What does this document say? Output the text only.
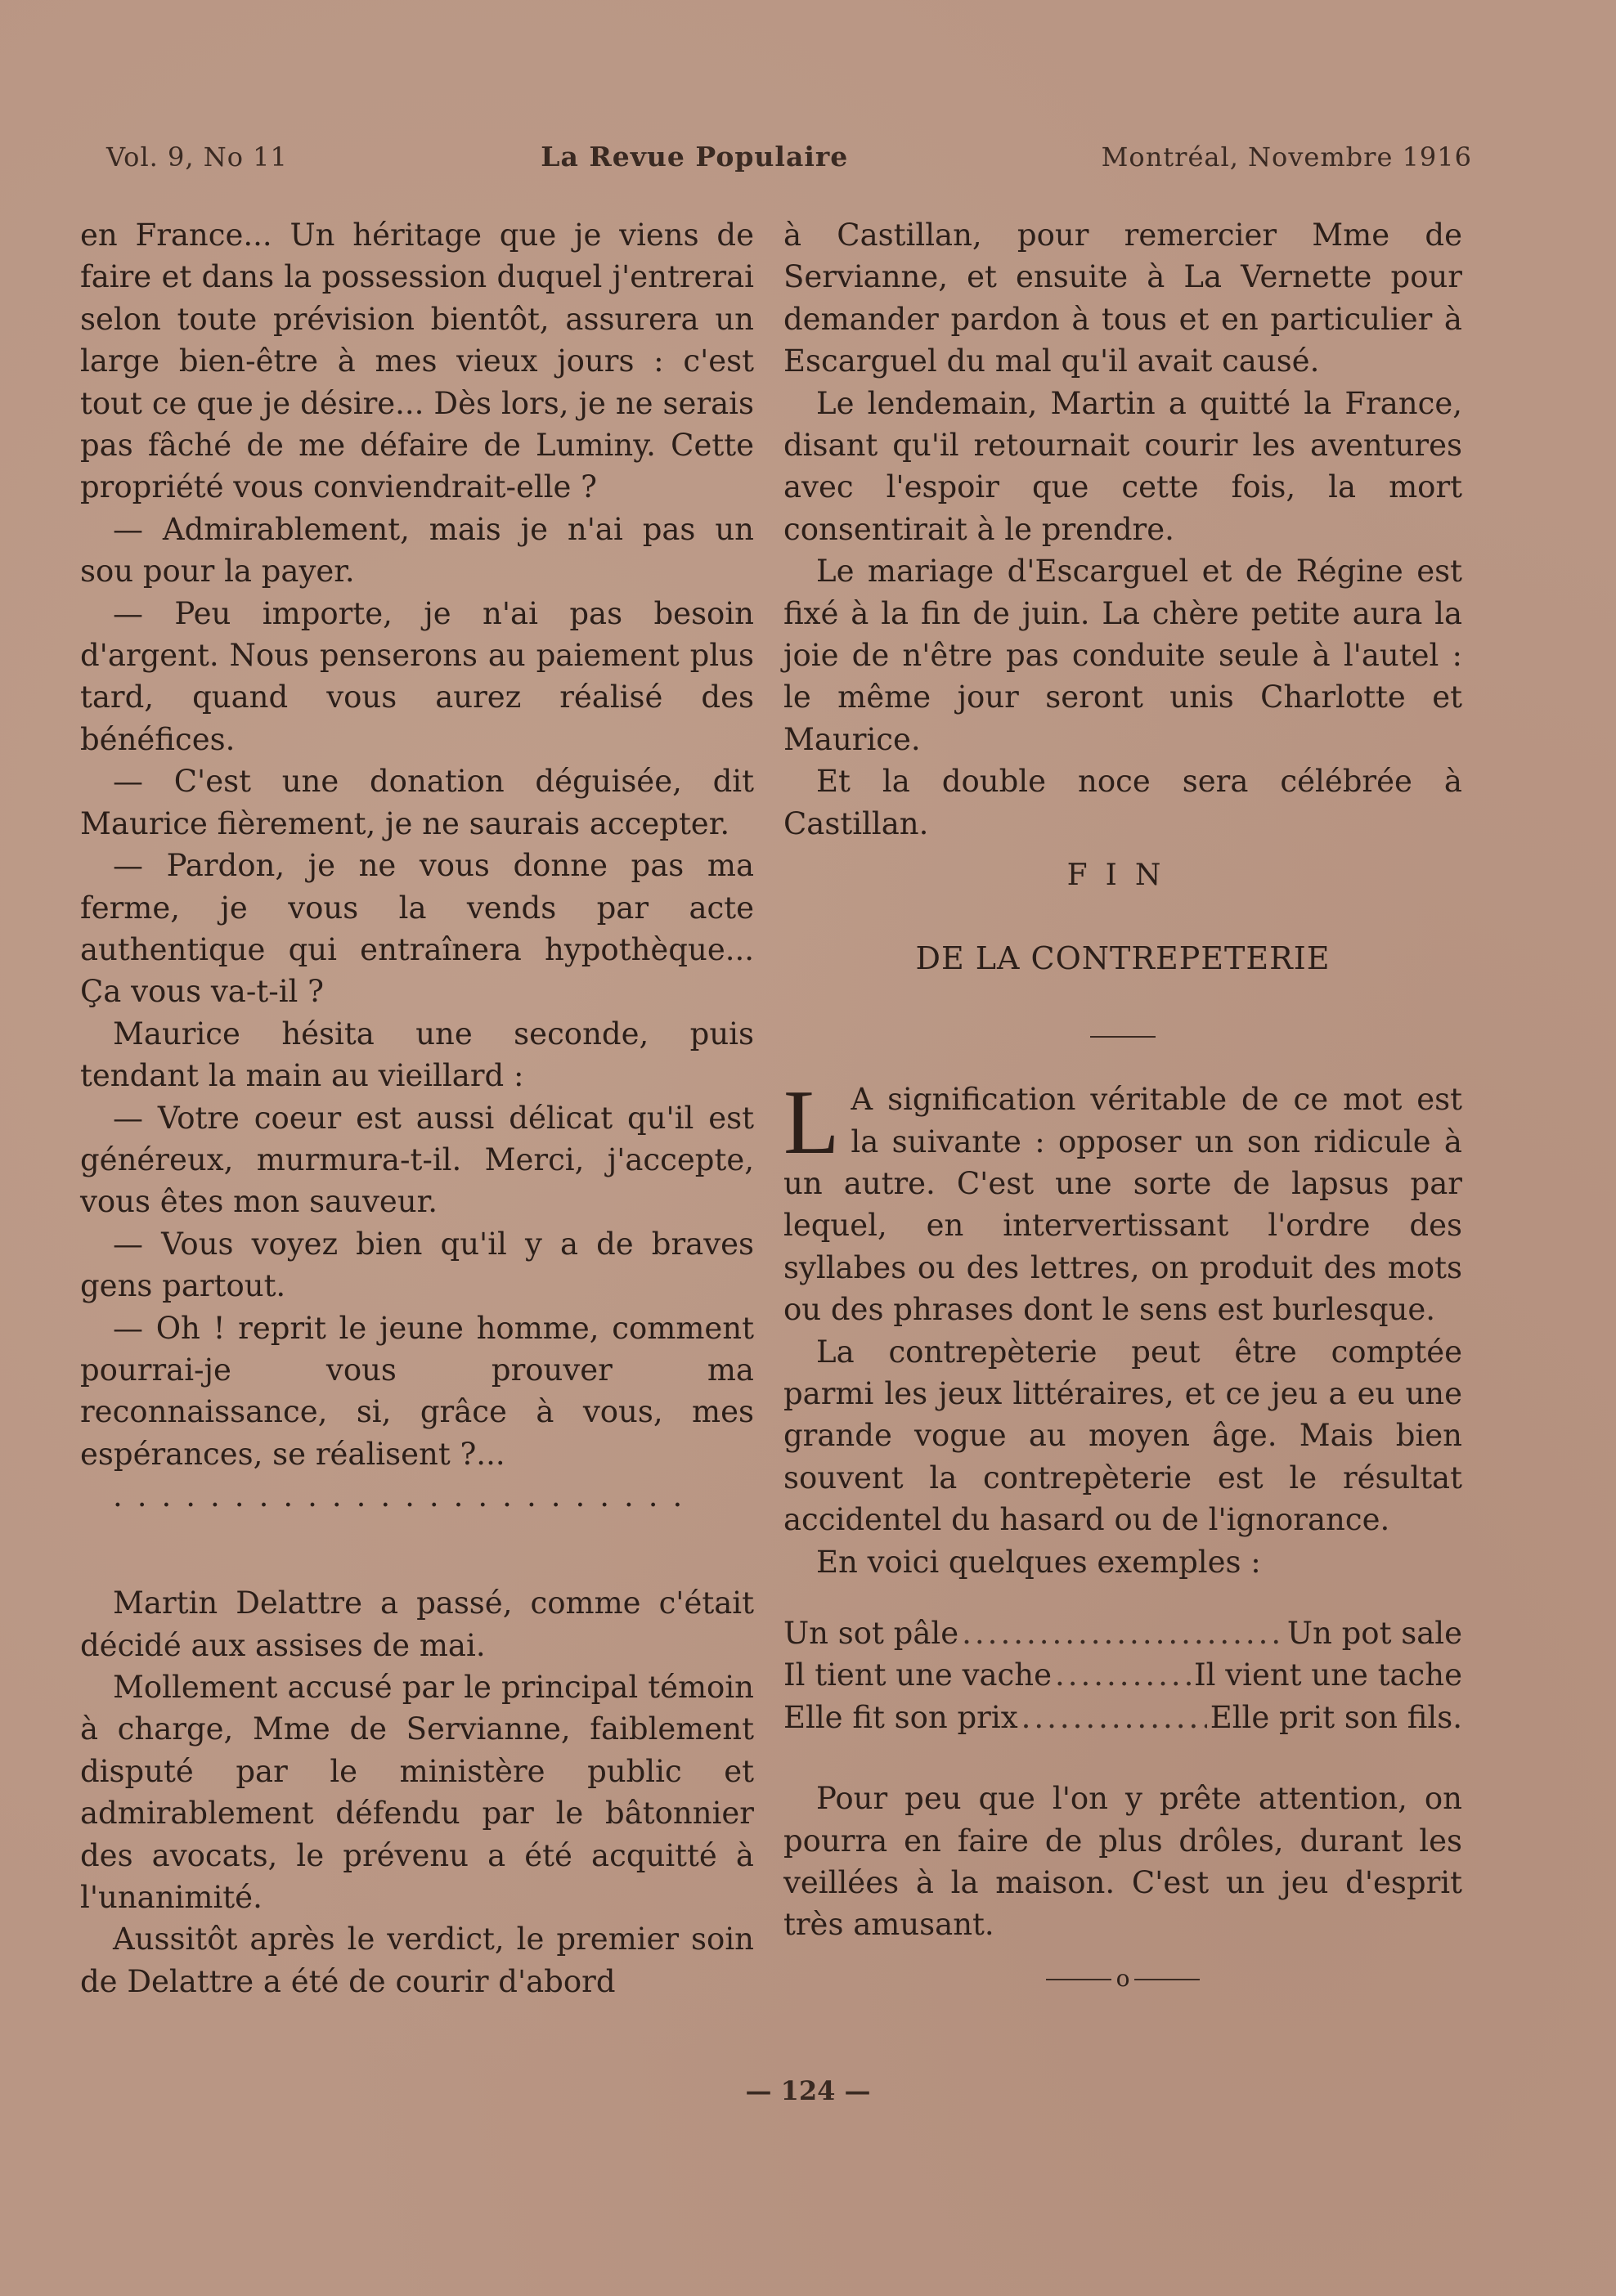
Vol. 9, No 11	La Revue Populaire	Montréal, Novembre 1916

en France... Un héritage que je viens de faire et dans la possession duquel j'entrerai selon toute prévision bientôt, assurera un large bien-être à mes vieux jours : c'est tout ce que je désire... Dès lors, je ne serais pas fâché de me défaire de Luminy. Cette propriété vous conviendrait-elle ?

— Admirablement, mais je n'ai pas un sou pour la payer.

— Peu importe, je n'ai pas besoin d'argent. Nous penserons au paiement plus tard, quand vous aurez réalisé des bénéfices.

— C'est une donation déguisée, dit Maurice fièrement, je ne saurais accepter.

— Pardon, je ne vous donne pas ma ferme, je vous la vends par acte authentique qui entraînera hypothèque... Ça vous va-t-il ?

Maurice hésita une seconde, puis tendant la main au vieillard :

— Votre coeur est aussi délicat qu'il est généreux, murmura-t-il. Merci, j'accepte, vous êtes mon sauveur.

— Vous voyez bien qu'il y a de braves gens partout.

— Oh ! reprit le jeune homme, comment pourrai-je vous prouver ma reconnaissance, si, grâce à vous, mes espérances, se réalisent ?...

........................

Martin Delattre a passé, comme c'était décidé aux assises de mai.

Mollement accusé par le principal témoin à charge, Mme de Servianne, faiblement disputé par le ministère public et admirablement défendu par le bâtonnier des avocats, le prévenu a été acquitté à l'unanimité.

Aussitôt après le verdict, le premier soin de Delattre a été de courir d'abord

à Castillan, pour remercier Mme de Servianne, et ensuite à La Vernette pour demander pardon à tous et en particulier à Escarguel du mal qu'il avait causé.

Le lendemain, Martin a quitté la France, disant qu'il retournait courir les aventures avec l'espoir que cette fois, la mort consentirait à le prendre.

Le mariage d'Escarguel et de Régine est fixé à la fin de juin. La chère petite aura la joie de n'être pas conduite seule à l'autel : le même jour seront unis Charlotte et Maurice.

Et la double noce sera célébrée à Castillan.

FIN
DE LA CONTREPETERIE
L A signification véritable de ce mot est la suivante : opposer un son ridicule à un autre. C'est une sorte de lapsus par lequel, en intervertissant l'ordre des syllabes ou des lettres, on produit des mots ou des phrases dont le sens est burlesque.

La contrepèterie peut être comptée parmi les jeux littéraires, et ce jeu a eu une grande vogue au moyen âge. Mais bien souvent la contrepèterie est le résultat accidentel du hasard ou de l'ignorance.

En voici quelques exemples :

Un sot pâle .....	Un pot sale
Il tient une vache .....	Il vient une tache
Elle fit son prix .....	Elle prit son fils.

Pour peu que l'on y prête attention, on pourra en faire de plus drôles, durant les veillées à la maison. C'est un jeu d'esprit très amusant.

o
— 124 —
